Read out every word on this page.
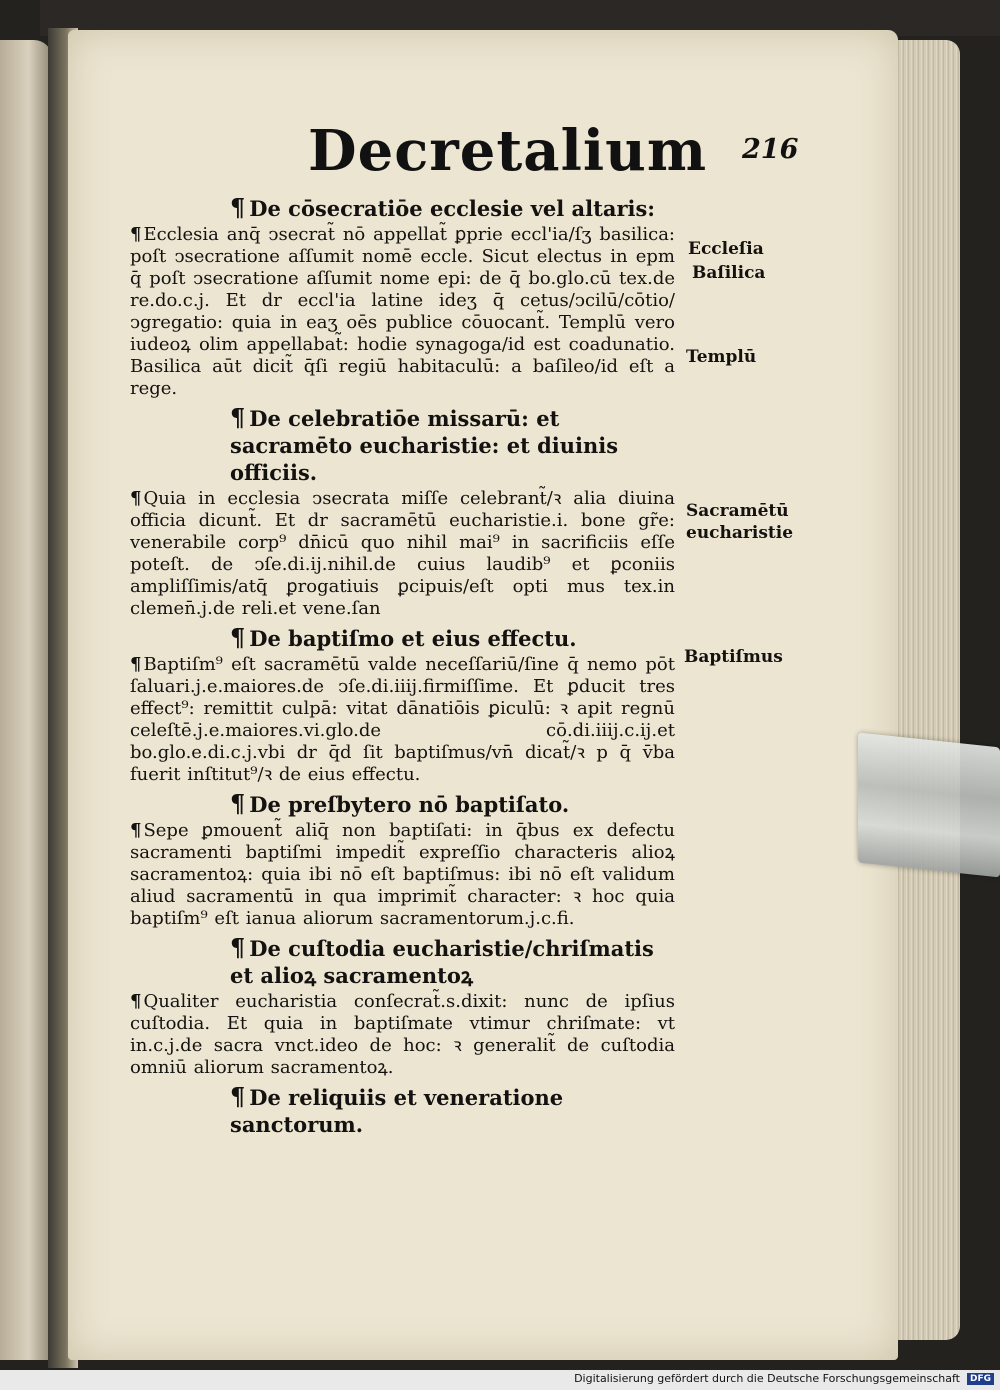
Decretalium 216
¶ De cōsecratiōe ecclesie vel altaris:
¶ Ecclesia anq̄ ↄsecrat̃ nō appellat̃ ꝑprie eccl'ia/ſʒ basilica: poſt ↄsecratione aſſumit nomē eccle. Sicut electus in epm q̄ poſt ↄsecratione aſſumit nome epi: de q̄ bo.glo.cū tex.de re.do.c.j. Et dr eccl'ia latine ideʒ q̄ cetus/ↄcilū/cōtio/ↄgregatio: quia in eaʒ oēs publice cōuocant̃. Templū vero iudeoꝝ olim appellabat̃: hodie synagoga/id est coadunatio. Basilica aūt dicit̃ q̄ſi regiū habitaculū: a baſileo/id eſt a rege.
¶ De celebratiōe missarū: et sacramēto eucharistie: et diuinis officiis.
¶ Quia in ecclesia ↄsecrata miſſe celebrant̃/ꝛ alia diuina officia dicunt̃. Et dr sacramētū eucharistie.i. bone gr̃e: venerabile corp⁹ dn̄icū quo nihil mai⁹ in sacrificiis eſſe poteſt. de ↄſe.di.ij.nihil.de cuius laudib⁹ et ꝑconiis ampliſſimis/atq̄ ꝑrogatiuis ꝑcipuis/eſt opti mus tex.in clemen̄.j.de reli.et vene.ſan
¶ De baptiſmo et eius effectu.
¶ Baptiſm⁹ eſt sacramētū valde neceſſariū/ſine q̄ nemo pōt ſaluari.j.e.maiores.de ↄſe.di.iiij.firmiſſime. Et ꝑducit tres effect⁹: remittit culpā: vitat dānatiōis ꝑiculū: ꝛ apit regnū celeſtē.j.e.maiores.vi.glo.de cō.di.iiij.c.ij.et bo.glo.e.di.c.j.vbi dr q̄d ſit baptiſmus/vn̄ dicat̃/ꝛ p q̄ v̄ba fuerit inſtitut⁹/ꝛ de eius effectu.
¶ De preſbytero nō baptiſato.
¶ Sepe ꝑmouent̃ aliq̄ non baptiſati: in q̄bus ex defectu sacramenti baptiſmi impedit̃ expreſſio characteris alioꝝ sacramentoꝝ: quia ibi nō eſt baptiſmus: ibi nō eſt validum aliud sacramentū in qua imprimit̃ character: ꝛ hoc quia baptiſm⁹ eſt ianua aliorum sacramentorum.j.c.fi.
¶ De cuſtodia eucharistie/chriſmatis et alioꝝ sacramentoꝝ
¶ Qualiter eucharistia conſecrat̃.s.dixit: nunc de ipſius cuſtodia. Et quia in baptiſmate vtimur chriſmate: vt in.c.j.de sacra vnct.ideo de hoc: ꝛ generalit̃ de cuſtodia omniū aliorum sacramentoꝝ.
¶ De reliquiis et veneratione sanctorum.
Eccleſia
Baſilica
Templū
Sacramētū
eucharistie
Baptiſmus
Digitalisierung gefördert durch die Deutsche Forschungsgemeinschaft	DFG
